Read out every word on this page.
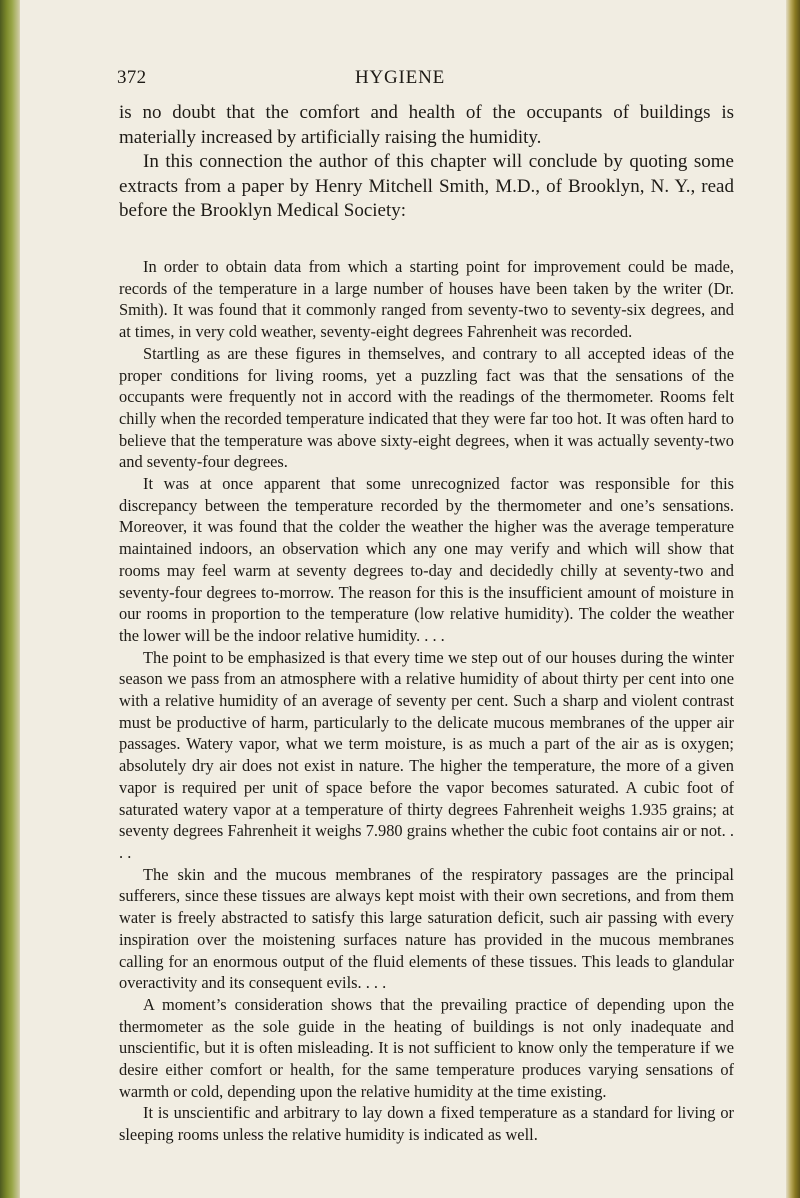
HYGIENE
372

is no doubt that the comfort and health of the occupants of buildings is materially increased by artificially raising the humidity.

In this connection the author of this chapter will conclude by quoting some extracts from a paper by Henry Mitchell Smith, M.D., of Brooklyn, N. Y., read before the Brooklyn Medical Society:

In order to obtain data from which a starting point for improvement could be made, records of the temperature in a large number of houses have been taken by the writer (Dr. Smith). It was found that it commonly ranged from seventy-two to seventy-six degrees, and at times, in very cold weather, seventy-eight degrees Fahrenheit was recorded.

Startling as are these figures in themselves, and contrary to all accepted ideas of the proper conditions for living rooms, yet a puzzling fact was that the sensations of the occupants were frequently not in accord with the readings of the thermometer. Rooms felt chilly when the recorded temperature indicated that they were far too hot. It was often hard to believe that the temperature was above sixty-eight degrees, when it was actually seventy-two and seventy-four degrees.

It was at once apparent that some unrecognized factor was responsible for this discrepancy between the temperature recorded by the thermometer and one’s sensations. Moreover, it was found that the colder the weather the higher was the average temperature maintained indoors, an observation which any one may verify and which will show that rooms may feel warm at seventy degrees to-day and decidedly chilly at seventy-two and seventy-four degrees to-morrow. The reason for this is the insufficient amount of moisture in our rooms in proportion to the temperature (low relative humidity). The colder the weather the lower will be the indoor relative humidity. . . .

The point to be emphasized is that every time we step out of our houses during the winter season we pass from an atmosphere with a relative humidity of about thirty per cent into one with a relative humidity of an average of seventy per cent. Such a sharp and violent contrast must be productive of harm, particularly to the delicate mucous membranes of the upper air passages. Watery vapor, what we term moisture, is as much a part of the air as is oxygen; absolutely dry air does not exist in nature. The higher the temperature, the more of a given vapor is required per unit of space before the vapor becomes saturated. A cubic foot of saturated watery vapor at a temperature of thirty degrees Fahrenheit weighs 1.935 grains; at seventy degrees Fahrenheit it weighs 7.980 grains whether the cubic foot contains air or not. . . .

The skin and the mucous membranes of the respiratory passages are the principal sufferers, since these tissues are always kept moist with their own secretions, and from them water is freely abstracted to satisfy this large saturation deficit, such air passing with every inspiration over the moistening surfaces nature has provided in the mucous membranes calling for an enormous output of the fluid elements of these tissues. This leads to glandular overactivity and its consequent evils. . . .

A moment’s consideration shows that the prevailing practice of depending upon the thermometer as the sole guide in the heating of buildings is not only inadequate and unscientific, but it is often misleading. It is not sufficient to know only the temperature if we desire either comfort or health, for the same temperature produces varying sensations of warmth or cold, depending upon the relative humidity at the time existing.

It is unscientific and arbitrary to lay down a fixed temperature as a standard for living or sleeping rooms unless the relative humidity is indicated as well.
